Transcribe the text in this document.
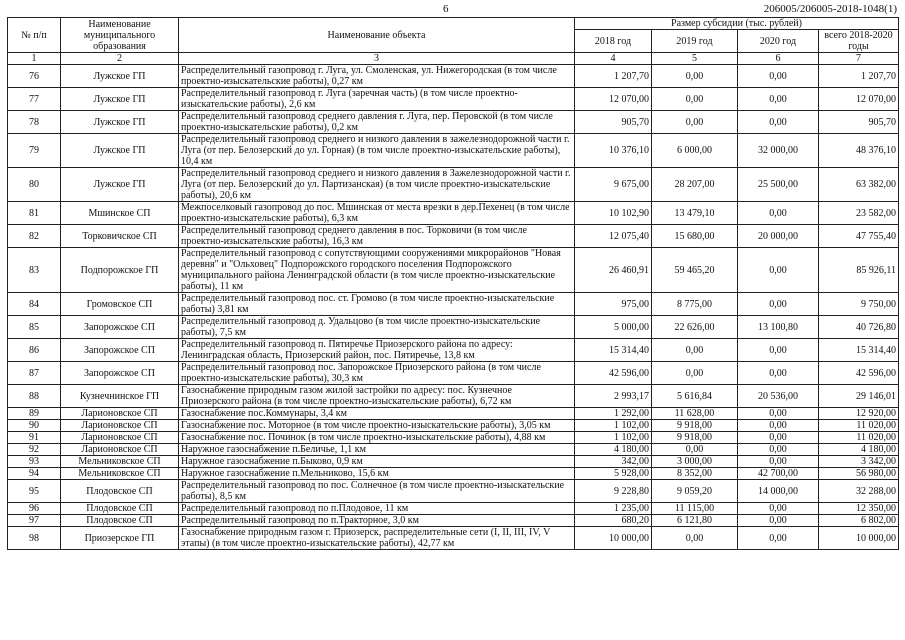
6	206005/206005-2018-1048(1)
№ п/п	Наименование муниципального образования	Наименование объекта	Размер субсидии (тыс. рублей)			
			2018 год	2019 год	2020 год	всего 2018-2020 годы
1	2	3	4	5	6	7
76	Лужское ГП	Распределительный газопровод г. Луга, ул. Смоленская, ул. Нижегородская (в том числе проектно-изыскательские работы), 0,27 км	1 207,70	0,00	0,00	1 207,70
77	Лужское ГП	Распределительный газопровод г. Луга (заречная часть) (в том числе проектно-изыскательские работы), 2,6 км	12 070,00	0,00	0,00	12 070,00
78	Лужское ГП	Распределительный газопровод среднего давления г. Луга, пер. Перовской (в том числе проектно-изыскательские работы), 0,2 км	905,70	0,00	0,00	905,70
79	Лужское ГП	Распределительный газопровод среднего и низкого давления в зажелезнодорожной части г. Луга (от пер. Белозерский до ул. Горная) (в том числе проектно-изыскательские работы), 10,4 км	10 376,10	6 000,00	32 000,00	48 376,10
80	Лужское ГП	Распределительный газопровод среднего и низкого давления в Зажелезнодорожной части г. Луга (от пер. Белозерский до ул. Партизанская) (в том числе проектно-изыскательские работы), 20,6 км	9 675,00	28 207,00	25 500,00	63 382,00
81	Мшинское СП	Межпоселковый газопровод до пос. Мшинская от места врезки в дер.Пехенец (в том числе проектно-изыскательские работы), 6,3 км	10 102,90	13 479,10	0,00	23 582,00
82	Торковичское СП	Распределительный газопровод среднего давления в пос. Торковичи (в том числе проектно-изыскательские работы), 16,3 км	12 075,40	15 680,00	20 000,00	47 755,40
83	Подпорожское ГП	Распределительный газопровод с сопутствующими сооружениями микрорайонов "Новая деревня" и "Ольховец" Подпорожского городского поселения Подпорожского муниципального района Ленинградской области (в том числе проектно-изыскательские работы), 11 км	26 460,91	59 465,20	0,00	85 926,11
84	Громовское СП	Распределительный газопровод пос. ст. Громово (в том числе проектно-изыскательские работы) 3,81 км	975,00	8 775,00	0,00	9 750,00
85	Запорожское СП	Распределительный газопровод д. Удальцово (в том числе проектно-изыскательские работы), 7,5 км	5 000,00	22 626,00	13 100,80	40 726,80
86	Запорожское СП	Распределительный газопровод п. Пятиречье Приозерского района по адресу: Ленинградская область, Приозерский район, пос. Пятиречье, 13,8 км	15 314,40	0,00	0,00	15 314,40
87	Запорожское СП	Распределительный газопровод пос. Запорожское Приозерского района (в том числе проектно-изыскательские работы), 30,3 км	42 596,00	0,00	0,00	42 596,00
88	Кузнечнинское ГП	Газоснабжение природным газом жилой застройки по адресу: пос. Кузнечное Приозерского района (в том числе проектно-изыскательские работы), 6,72 км	2 993,17	5 616,84	20 536,00	29 146,01
89	Ларионовское СП	Газоснабжение пос.Коммунары, 3,4 км	1 292,00	11 628,00	0,00	12 920,00
90	Ларионовское СП	Газоснабжение пос. Моторное (в том числе проектно-изыскательские работы), 3,05 км	1 102,00	9 918,00	0,00	11 020,00
91	Ларионовское СП	Газоснабжение пос. Починок (в том числе проектно-изыскательские работы), 4,88 км	1 102,00	9 918,00	0,00	11 020,00
92	Ларионовское СП	Наружное газоснабжение п.Беличье, 1,1 км	4 180,00	0,00	0,00	4 180,00
93	Мельниковское СП	Наружное газоснабжение п.Быково, 0,9 км	342,00	3 000,00	0,00	3 342,00
94	Мельниковское СП	Наружное газоснабжение п.Мельниково, 15,6 км	5 928,00	8 352,00	42 700,00	56 980,00
95	Плодовское СП	Распределительный газопровод по пос. Солнечное (в том числе проектно-изыскательские работы), 8,5 км	9 228,80	9 059,20	14 000,00	32 288,00
96	Плодовское СП	Распределительный газопровод по п.Плодовое, 11 км	1 235,00	11 115,00	0,00	12 350,00
97	Плодовское СП	Распределительный газопровод по п.Тракторное, 3,0 км	680,20	6 121,80	0,00	6 802,00
98	Приозерское ГП	Газоснабжение природным газом г. Приозерск, распределительные сети (I, II, III, IV, V этапы) (в том числе проектно-изыскательские работы), 42,77 км	10 000,00	0,00	0,00	10 000,00
